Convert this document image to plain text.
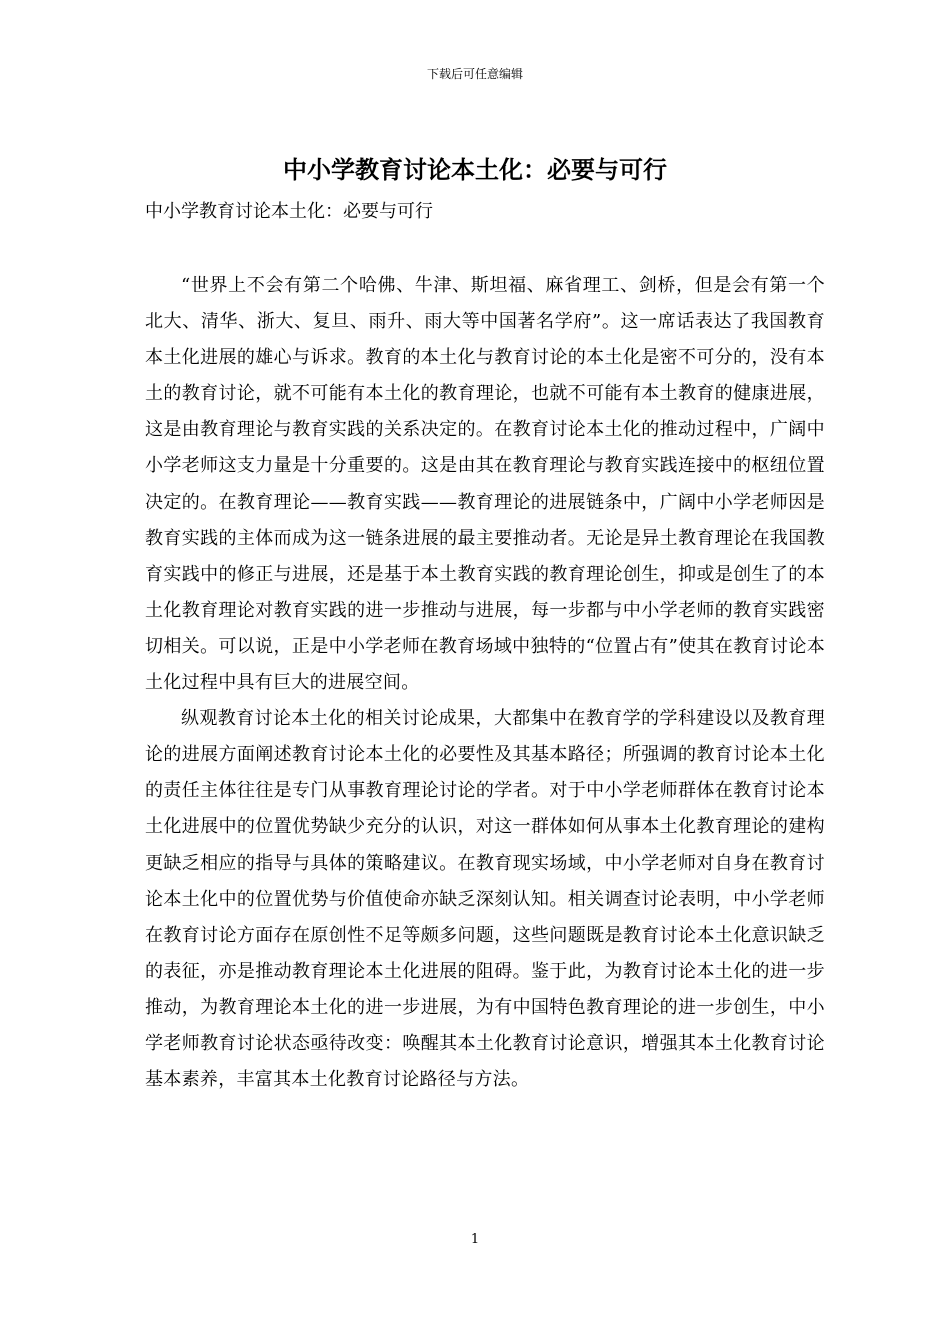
下载后可任意编辑
中小学教育讨论本土化：必要与可行

中小学教育讨论本土化：必要与可行

“世界上不会有第二个哈佛、牛津、斯坦福、麻省理工、剑桥，但是会有第一个北大、清华、浙大、复旦、雨升、雨大等中国著名学府”。这一席话表达了我国教育本土化进展的雄心与诉求。教育的本土化与教育讨论的本土化是密不可分的，没有本土的教育讨论，就不可能有本土化的教育理论，也就不可能有本土教育的健康进展，这是由教育理论与教育实践的关系决定的。在教育讨论本土化的推动过程中，广阔中小学老师这支力量是十分重要的。这是由其在教育理论与教育实践连接中的枢纽位置决定的。在教育理论——教育实践——教育理论的进展链条中，广阔中小学老师因是教育实践的主体而成为这一链条进展的最主要推动者。无论是异土教育理论在我国教育实践中的修正与进展，还是基于本土教育实践的教育理论创生，抑或是创生了的本土化教育理论对教育实践的进一步推动与进展，每一步都与中小学老师的教育实践密切相关。可以说，正是中小学老师在教育场域中独特的“位置占有”使其在教育讨论本土化过程中具有巨大的进展空间。

纵观教育讨论本土化的相关讨论成果，大都集中在教育学的学科建设以及教育理论的进展方面阐述教育讨论本土化的必要性及其基本路径；所强调的教育讨论本土化的责任主体往往是专门从事教育理论讨论的学者。对于中小学老师群体在教育讨论本土化进展中的位置优势缺少充分的认识，对这一群体如何从事本土化教育理论的建构更缺乏相应的指导与具体的策略建议。在教育现实场域，中小学老师对自身在教育讨论本土化中的位置优势与价值使命亦缺乏深刻认知。相关调查讨论表明，中小学老师在教育讨论方面存在原创性不足等颇多问题，这些问题既是教育讨论本土化意识缺乏的表征，亦是推动教育理论本土化进展的阻碍。鉴于此，为教育讨论本土化的进一步推动，为教育理论本土化的进一步进展，为有中国特色教育理论的进一步创生，中小学老师教育讨论状态亟待改变：唤醒其本土化教育讨论意识，增强其本土化教育讨论基本素养，丰富其本土化教育讨论路径与方法。

1
